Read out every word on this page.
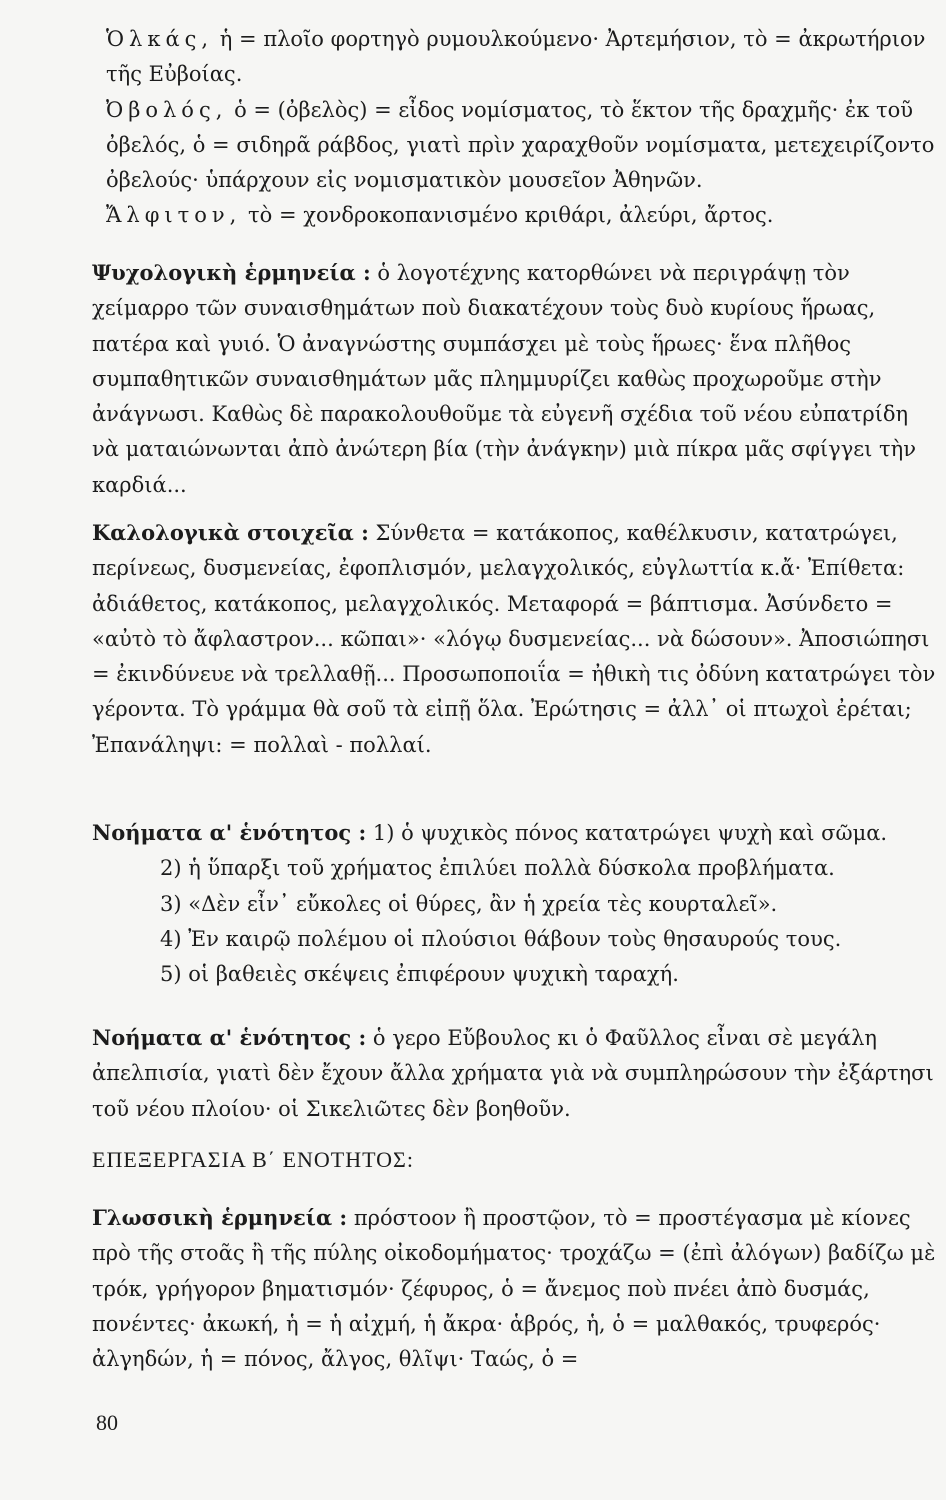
Ὁλκάς, ἡ = πλοῖο φορτηγὸ ρυμουλκούμενο· Ἀρτεμήσιον, τὸ = ἀκρωτήριον τῆς Εὐβοίας.

Ὀβολός, ὁ = (ὀβελὸς) = εἶδος νομίσματος, τὸ ἕκτον τῆς δραχμῆς· ἐκ τοῦ ὀβελός, ὁ = σιδηρᾶ ράβδος, γιατὶ πρὶν χαραχθοῦν νομίσματα, μετεχειρίζοντο ὀβελούς· ὑπάρχουν εἰς νομισματικὸν μουσεῖον Ἀθηνῶν.

Ἄλφιτον, τὸ = χονδροκοπανισμένο κριθάρι, ἀλεύρι, ἄρτος.

Ψυχολογικὴ ἑρμηνεία : ὁ λογοτέχνης κατορθώνει νὰ περιγράψῃ τὸν χείμαρρο τῶν συναισθημάτων ποὺ διακατέχουν τοὺς δυὸ κυρίους ἥρωας, πατέρα καὶ γυιό. Ὁ ἀναγνώστης συμπάσχει μὲ τοὺς ἥρωες· ἕνα πλῆθος συμπαθητικῶν συναισθημάτων μᾶς πλημμυρίζει καθὼς προχωροῦμε στὴν ἀνάγνωσι. Καθὼς δὲ παρακολουθοῦμε τὰ εὐγενῆ σχέδια τοῦ νέου εὐπατρίδη νὰ ματαιώνωνται ἀπὸ ἀνώτερη βία (τὴν ἀνάγκην) μιὰ πίκρα μᾶς σφίγγει τὴν καρδιά...

Καλολογικὰ στοιχεῖα : Σύνθετα = κατάκοπος, καθέλκυσιν, κατατρώγει, περίνεως, δυσμενείας, ἐφοπλισμόν, μελαγχολικός, εὐγλωττία κ.ἄ· Ἐπίθετα: ἀδιάθετος, κατάκοπος, μελαγχολικός. Μεταφορά = βάπτισμα. Ἀσύνδετο = «αὐτὸ τὸ ἄφλαστρον... κῶπαι»· «λόγῳ δυσμενείας... νὰ δώσουν». Ἀποσιώπησι = ἐκινδύνευε νὰ τρελλαθῇ... Προσωποποιΐα = ἠθικὴ τις ὀδύνη κατατρώγει τὸν γέροντα. Τὸ γράμμα θὰ σοῦ τὰ εἰπῇ ὅλα. Ἐρώτησις = ἀλλ᾽ οἱ πτωχοὶ ἐρέται; Ἐπανάληψι: = πολλαὶ - πολλαί.

Νοήματα α' ἑνότητος : 1) ὁ ψυχικὸς πόνος κατατρώγει ψυχὴ καὶ σῶμα.

2) ἡ ὕπαρξι τοῦ χρήματος ἐπιλύει πολλὰ δύσκολα προβλήματα.

3) «Δὲν εἶν᾽ εὔκολες οἱ θύρες, ἂν ἡ χρεία τὲς κουρταλεῖ».

4) Ἐν καιρῷ πολέμου οἱ πλούσιοι θάβουν τοὺς θησαυρούς τους.

5) οἱ βαθειὲς σκέψεις ἐπιφέρουν ψυχικὴ ταραχή.

Νοήματα α' ἑνότητος : ὁ γερο Εὔβουλος κι ὁ Φαῦλλος εἶναι σὲ μεγάλη ἀπελπισία, γιατὶ δὲν ἔχουν ἄλλα χρήματα γιὰ νὰ συμπληρώσουν τὴν ἐξάρτησι τοῦ νέου πλοίου· οἱ Σικελιῶτες δὲν βοηθοῦν.

ΕΠΕΞΕΡΓΑΣΙΑ Β΄ ΕΝΟΤΗΤΟΣ:

Γλωσσικὴ ἑρμηνεία : πρόστοον ἢ προστῷον, τὸ = προστέγασμα μὲ κίονες πρὸ τῆς στοᾶς ἢ τῆς πύλης οἰκοδομήματος· τροχάζω = (ἐπὶ ἀλόγων) βαδίζω μὲ τρόκ, γρήγορον βηματισμόν· ζέφυρος, ὁ = ἄνεμος ποὺ πνέει ἀπὸ δυσμάς, πονέντες· ἀκωκή, ἡ = ἡ αἰχμή, ἡ ἄκρα· ἁβρός, ἡ, ὁ = μαλθακός, τρυφερός· ἀλγηδών, ἡ = πόνος, ἄλγος, θλῖψι· Ταώς, ὁ =

80
